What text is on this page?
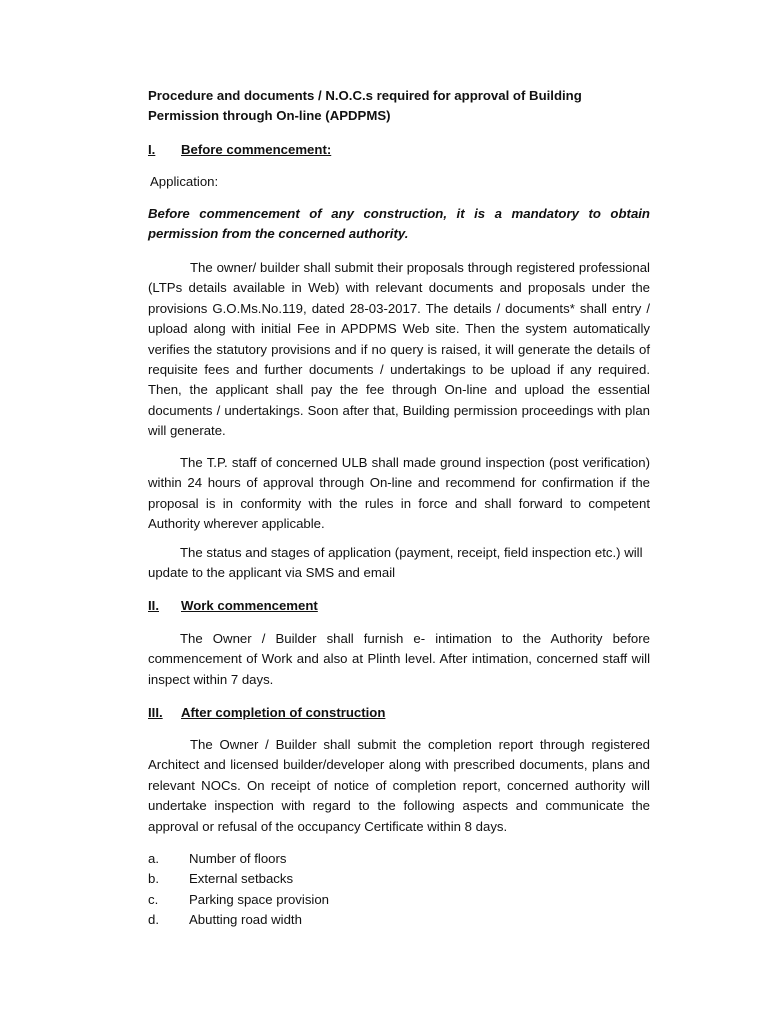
Procedure and documents / N.O.C.s required for approval of Building Permission through On-line (APDPMS)
I. Before commencement:
Application:
Before commencement of any construction, it is a mandatory to obtain permission from the concerned authority.
The owner/ builder shall submit their proposals through registered professional (LTPs details available in Web) with relevant documents and proposals under the provisions G.O.Ms.No.119, dated 28-03-2017. The details / documents* shall entry / upload along with initial Fee in APDPMS Web site. Then the system automatically verifies the statutory provisions and if no query is raised, it will generate the details of requisite fees and further documents / undertakings to be upload if any required. Then, the applicant shall pay the fee through On-line and upload the essential documents / undertakings. Soon after that, Building permission proceedings with plan will generate.
The T.P. staff of concerned ULB shall made ground inspection (post verification) within 24 hours of approval through On-line and recommend for confirmation if the proposal is in conformity with the rules in force and shall forward to competent Authority wherever applicable.
The status and stages of application (payment, receipt, field inspection etc.) will update to the applicant via SMS and email
II. Work commencement
The Owner / Builder shall furnish e- intimation to the Authority before commencement of Work and also at Plinth level. After intimation, concerned staff will inspect within 7 days.
III. After completion of construction
The Owner / Builder shall submit the completion report through registered Architect and licensed builder/developer along with prescribed documents, plans and relevant NOCs. On receipt of notice of completion report, concerned authority will undertake inspection with regard to the following aspects and communicate the approval or refusal of the occupancy Certificate within 8 days.
a. Number of floors
b. External setbacks
c. Parking space provision
d. Abutting road width
